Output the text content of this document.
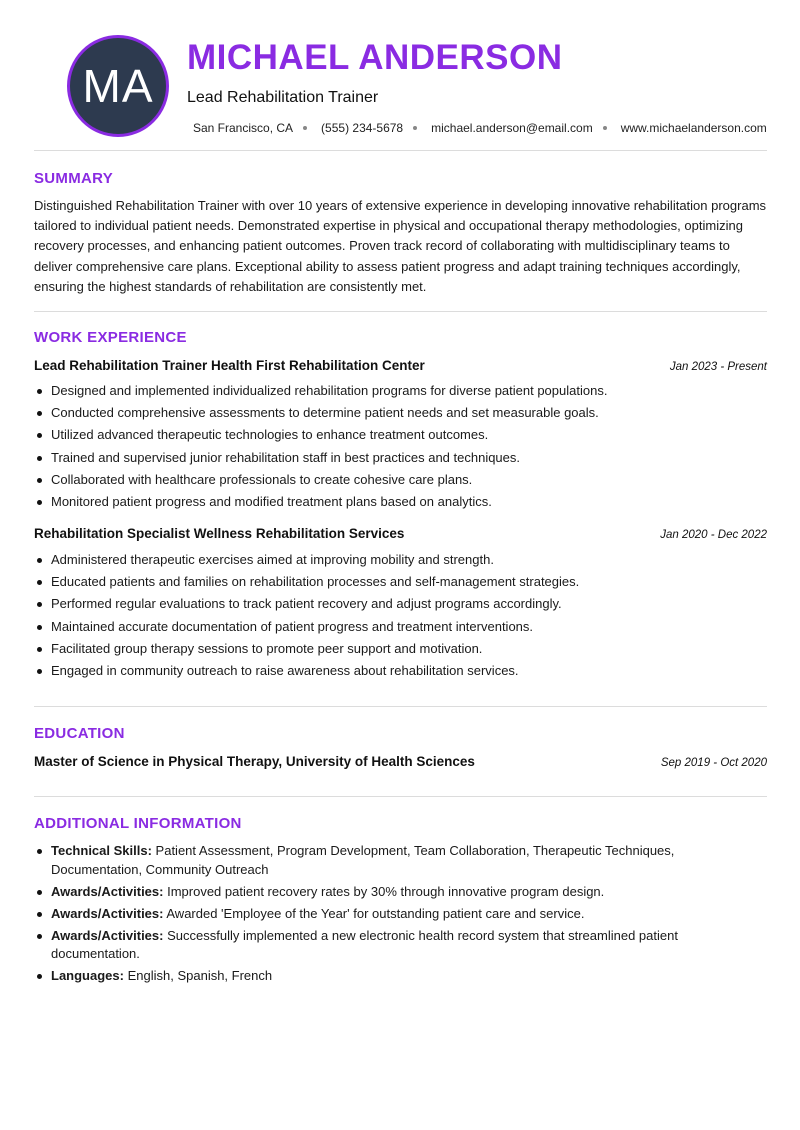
MA
MICHAEL ANDERSON
Lead Rehabilitation Trainer
San Francisco, CA (555) 234-5678 michael.anderson@email.com www.michaelanderson.com
SUMMARY

Distinguished Rehabilitation Trainer with over 10 years of extensive experience in developing innovative rehabilitation programs tailored to individual patient needs. Demonstrated expertise in physical and occupational therapy methodologies, optimizing recovery processes, and enhancing patient outcomes. Proven track record of collaborating with multidisciplinary teams to deliver comprehensive care plans. Exceptional ability to assess patient progress and adapt training techniques accordingly, ensuring the highest standards of rehabilitation are consistently met.

WORK EXPERIENCE
Lead Rehabilitation Trainer Health First Rehabilitation Center	Jan 2023 - Present
Designed and implemented individualized rehabilitation programs for diverse patient populations.
Conducted comprehensive assessments to determine patient needs and set measurable goals.
Utilized advanced therapeutic technologies to enhance treatment outcomes.
Trained and supervised junior rehabilitation staff in best practices and techniques.
Collaborated with healthcare professionals to create cohesive care plans.
Monitored patient progress and modified treatment plans based on analytics.
Rehabilitation Specialist Wellness Rehabilitation Services	Jan 2020 - Dec 2022
Administered therapeutic exercises aimed at improving mobility and strength.
Educated patients and families on rehabilitation processes and self-management strategies.
Performed regular evaluations to track patient recovery and adjust programs accordingly.
Maintained accurate documentation of patient progress and treatment interventions.
Facilitated group therapy sessions to promote peer support and motivation.
Engaged in community outreach to raise awareness about rehabilitation services.
EDUCATION
Master of Science in Physical Therapy, University of Health Sciences	Sep 2019 - Oct 2020
ADDITIONAL INFORMATION
Technical Skills: Patient Assessment, Program Development, Team Collaboration, Therapeutic Techniques, Documentation, Community Outreach
Awards/Activities: Improved patient recovery rates by 30% through innovative program design.
Awards/Activities: Awarded 'Employee of the Year' for outstanding patient care and service.
Awards/Activities: Successfully implemented a new electronic health record system that streamlined patient documentation.
Languages: English, Spanish, French
